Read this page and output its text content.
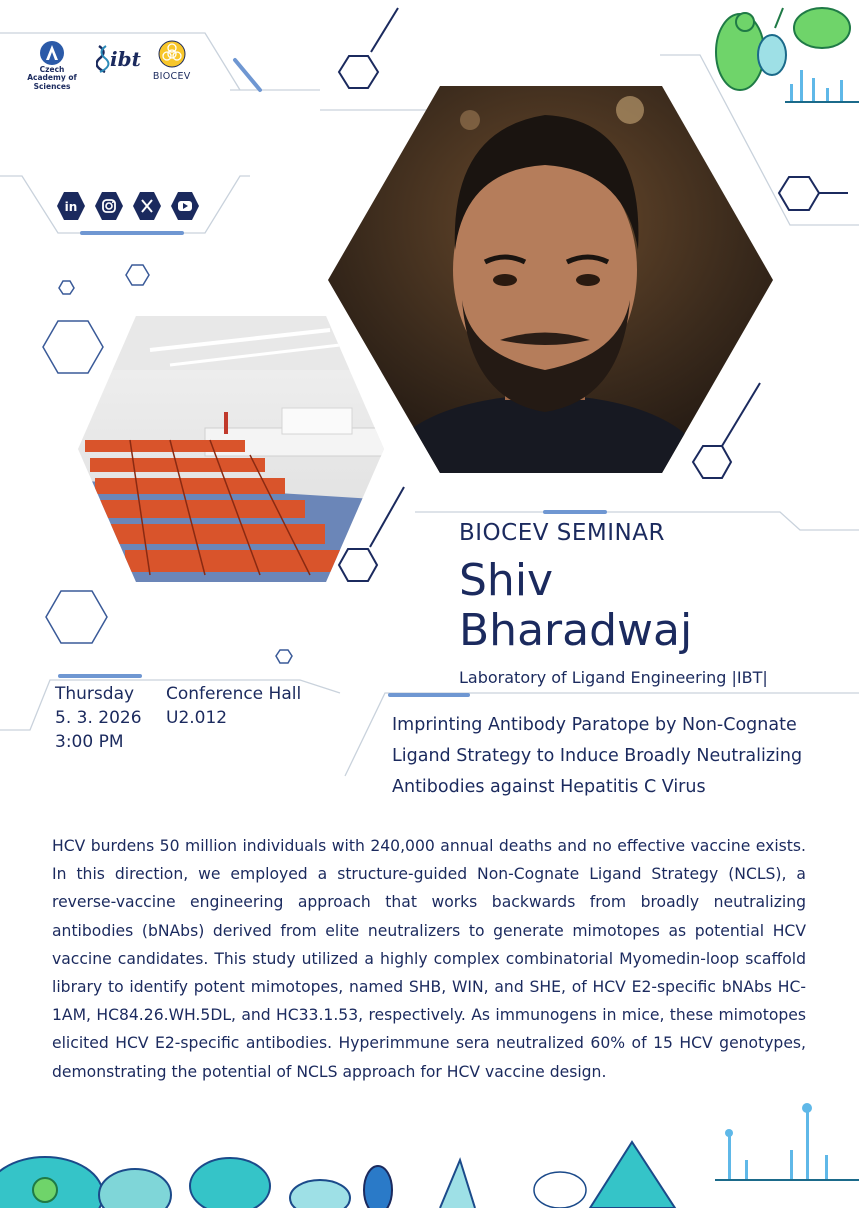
Czech Academy of Sciences
ibt
BIOCEV
in
BIOCEV SEMINAR
Shiv
Bharadwaj
Laboratory of Ligand Engineering |IBT|
Thursday
5. 3. 2026
3:00 PM
Conference Hall
U2.012	Imprinting Antibody Paratope by Non-Cognate Ligand Strategy to Induce Broadly Neutralizing Antibodies against Hepatitis C Virus
HCV burdens 50 million individuals with 240,000 annual deaths and no effective vaccine exists. In this direction, we employed a structure-guided Non-Cognate Ligand Strategy (NCLS), a reverse-vaccine engineering approach that works backwards from broadly neutralizing antibodies (bNAbs) derived from elite neutralizers to generate mimotopes as potential HCV vaccine candidates. This study utilized a highly complex combinatorial Myomedin-loop scaffold library to identify potent mimotopes, named SHB, WIN, and SHE, of HCV E2-specific bNAbs HC-1AM, HC84.26.WH.5DL, and HC33.1.53, respectively. As immunogens in mice, these mimotopes elicited HCV E2-specific antibodies. Hyperimmune sera neutralized 60% of 15 HCV genotypes, demonstrating the potential of NCLS approach for HCV vaccine design.
